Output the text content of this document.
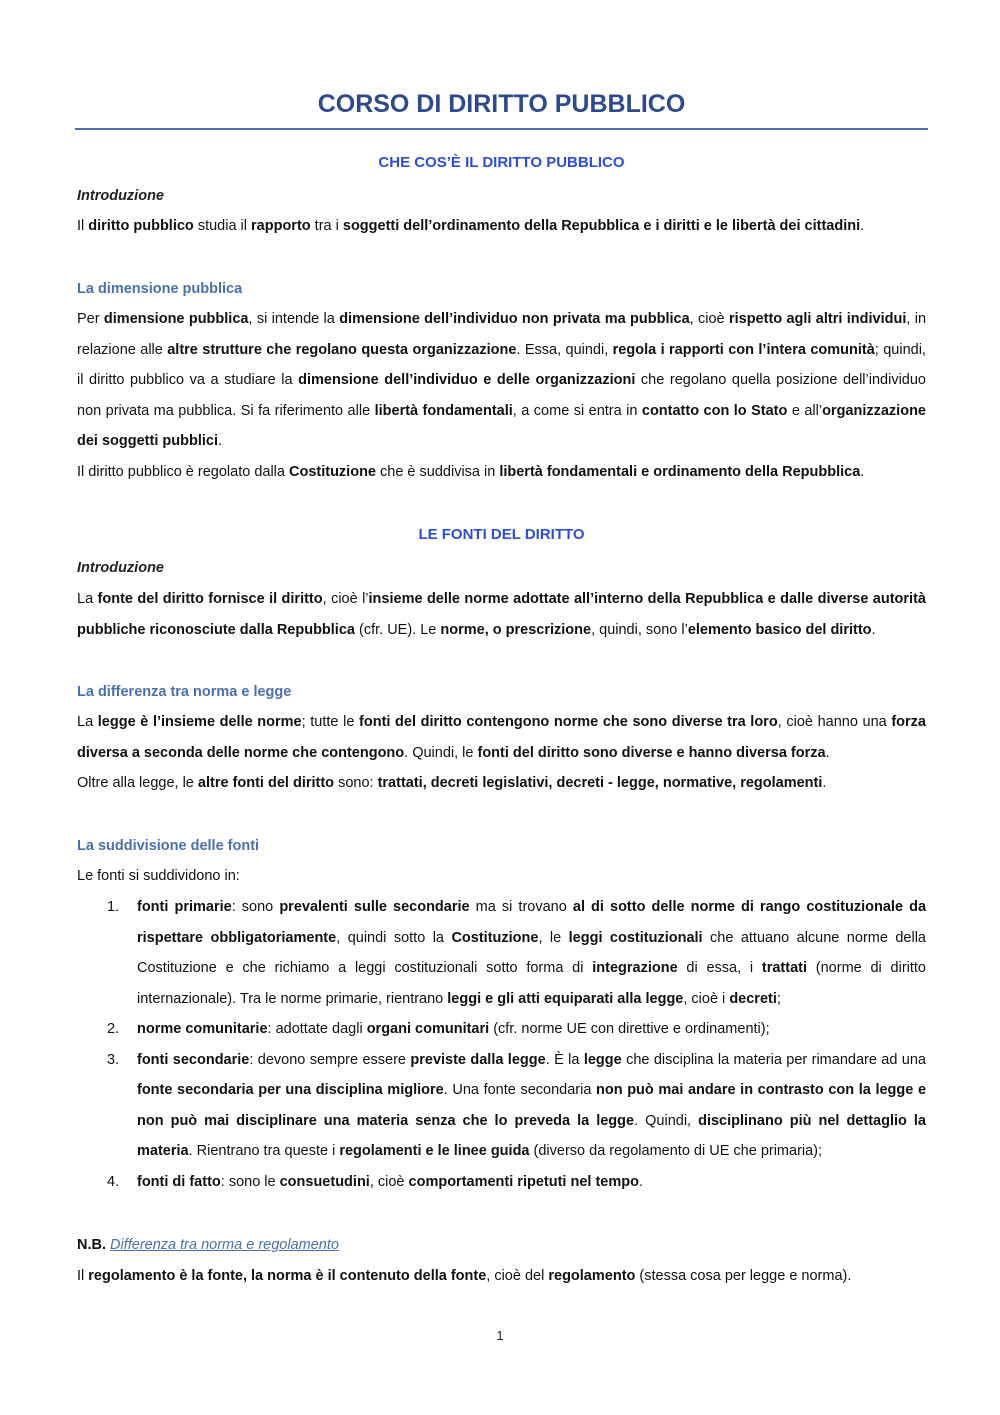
CORSO DI DIRITTO PUBBLICO
CHE COS’È IL DIRITTO PUBBLICO
Introduzione

Il diritto pubblico studia il rapporto tra i soggetti dell’ordinamento della Repubblica e i diritti e le libertà dei cittadini.

La dimensione pubblica

Per dimensione pubblica, si intende la dimensione dell’individuo non privata ma pubblica, cioè rispetto agli altri individui, in relazione alle altre strutture che regolano questa organizzazione. Essa, quindi, regola i rapporti con l’intera comunità; quindi, il diritto pubblico va a studiare la dimensione dell’individuo e delle organizzazioni che regolano quella posizione dell’individuo non privata ma pubblica. Si fa riferimento alle libertà fondamentali, a come si entra in contatto con lo Stato e all’organizzazione dei soggetti pubblici.

Il diritto pubblico è regolato dalla Costituzione che è suddivisa in libertà fondamentali e ordinamento della Repubblica.

LE FONTI DEL DIRITTO
Introduzione

La fonte del diritto fornisce il diritto, cioè l’insieme delle norme adottate all’interno della Repubblica e dalle diverse autorità pubbliche riconosciute dalla Repubblica (cfr. UE). Le norme, o prescrizione, quindi, sono l’elemento basico del diritto.

La differenza tra norma e legge

La legge è l’insieme delle norme; tutte le fonti del diritto contengono norme che sono diverse tra loro, cioè hanno una forza diversa a seconda delle norme che contengono. Quindi, le fonti del diritto sono diverse e hanno diversa forza.

Oltre alla legge, le altre fonti del diritto sono: trattati, decreti legislativi, decreti - legge, normative, regolamenti.

La suddivisione delle fonti

Le fonti si suddividono in:

1. fonti primarie: sono prevalenti sulle secondarie ma si trovano al di sotto delle norme di rango costituzionale da rispettare obbligatoriamente, quindi sotto la Costituzione, le leggi costituzionali che attuano alcune norme della Costituzione e che richiamo a leggi costituzionali sotto forma di integrazione di essa, i trattati (norme di diritto internazionale). Tra le norme primarie, rientrano leggi e gli atti equiparati alla legge, cioè i decreti;
2. norme comunitarie: adottate dagli organi comunitari (cfr. norme UE con direttive e ordinamenti);
3. fonti secondarie: devono sempre essere previste dalla legge. È la legge che disciplina la materia per rimandare ad una fonte secondaria per una disciplina migliore. Una fonte secondaria non può mai andare in contrasto con la legge e non può mai disciplinare una materia senza che lo preveda la legge. Quindi, disciplinano più nel dettaglio la materia. Rientrano tra queste i regolamenti e le linee guida (diverso da regolamento di UE che primaria);
4. fonti di fatto: sono le consuetudini, cioè comportamenti ripetuti nel tempo.

N.B. Differenza tra norma e regolamento

Il regolamento è la fonte, la norma è il contenuto della fonte, cioè del regolamento (stessa cosa per legge e norma).

1
